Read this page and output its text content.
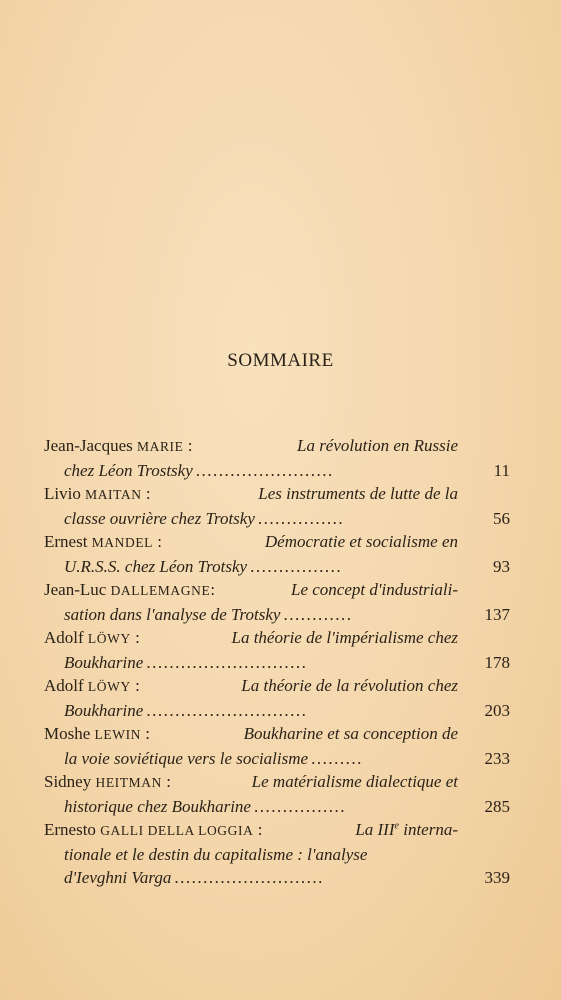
SOMMAIRE
Jean-Jacques MARIE :	La révolution en Russie
chez Léon Trostsky ........................	11
Livio MAITAN :	Les instruments de lutte de la
classe ouvrière chez Trotsky ...............	56
Ernest MANDEL :	Démocratie et socialisme en
U.R.S.S. chez Léon Trotsky ................	93
Jean-Luc DALLEMAGNE:	Le concept d'industriali-
sation dans l'analyse de Trotsky ............	137
Adolf LÖWY :	La théorie de l'impérialisme chez
Boukharine ............................	178
Adolf LÖWY :	La théorie de la révolution chez
Boukharine ............................	203
Moshe LEWIN :	Boukharine et sa conception de
la voie soviétique vers le socialisme .........	233
Sidney HEITMAN :	Le matérialisme dialectique et
historique chez Boukharine ................	285
Ernesto GALLI DELLA LOGGIA :	La IIIe interna-
tionale et le destin du capitalisme : l'analyse
d'Ievghni Varga ..........................	339
